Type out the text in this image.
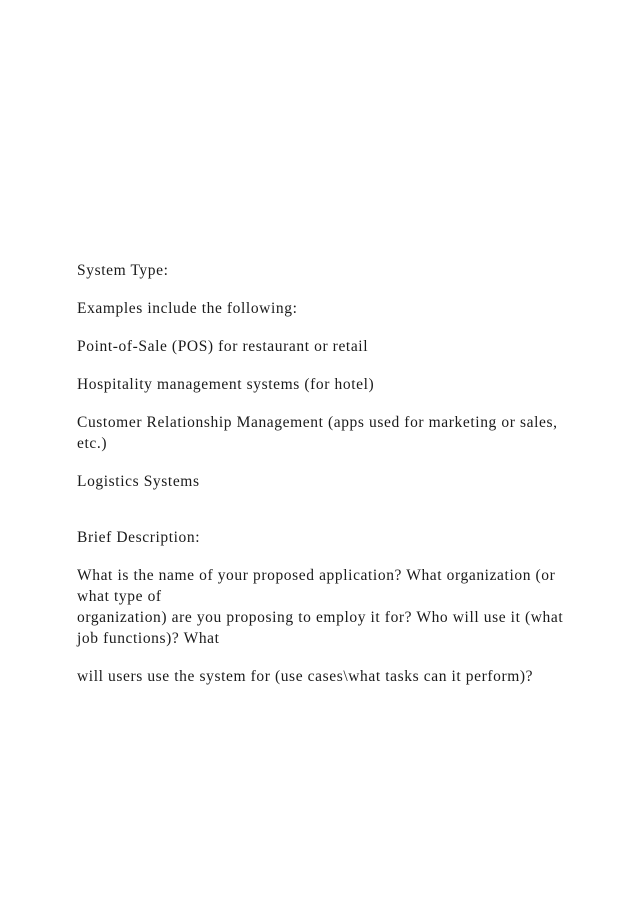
System Type:

Examples include the following:

Point-of-Sale (POS) for restaurant or retail

Hospitality management systems (for hotel)

Customer Relationship Management (apps used for marketing or sales, etc.)

Logistics Systems

Brief Description:

What is the name of your proposed application? What organization (or what type of
organization) are you proposing to employ it for? Who will use it (what job functions)? What

will users use the system for (use cases\what tasks can it perform)?
